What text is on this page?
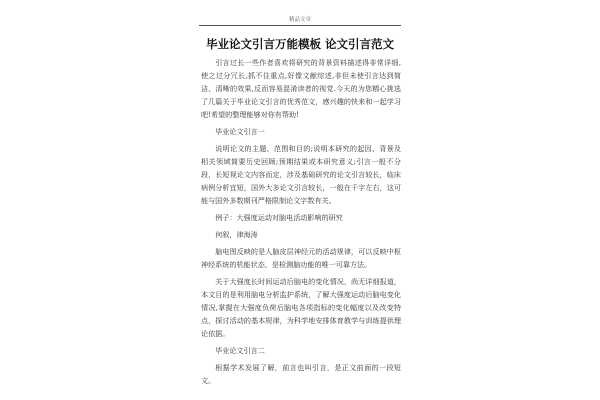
精品文章
毕业论文引言万能模板 论文引言范文

引言过长一些作者喜欢将研究的背景资料描述得非常详细,使之过分冗长,抓不住重点,好像文献综述,非但未使引言达到简洁、清晰的效果,反而容易混淆读者的视觉.今天的为您精心挑选了几篇关于毕业论文引言的优秀范文，感兴趣的快来和一起学习吧!希望的整理能够对你有帮助!

毕业论文引言一

说明论文的主题、范围和目的;说明本研究的起因、背景及相关领域简要历史回顾;预期结果或本研究意义;引言一般不分段，长短视论文内容而定，涉及基础研究的论文引言较长，临床病例分析宜短，国外大多论文引言较长，一般在千字左右，这可能与国外多数期刊严格限制论文字数有关。

例子：大强度运动对脑电活动影响的研究

何叙，律海涛

脑电图反映的是人脑皮层神经元的活动规律，可以反映中枢神经系统的机能状态，是检测脑功能的唯一可靠方法。

关于大强度长时间运动后脑电的变化情况，尚无详细报道，本文目的是利用脑电分析监护系统，了解大强度运动后脑电变化情况,掌握在大强度负荷后脑电各项指标的变化幅度以及改变特点，探讨活动的基本规律，为科学地安排体育教学与训练提供理论依据。

毕业论文引言二

根据学术发展了解，前言也叫引言，是正文前面的一段短文。
